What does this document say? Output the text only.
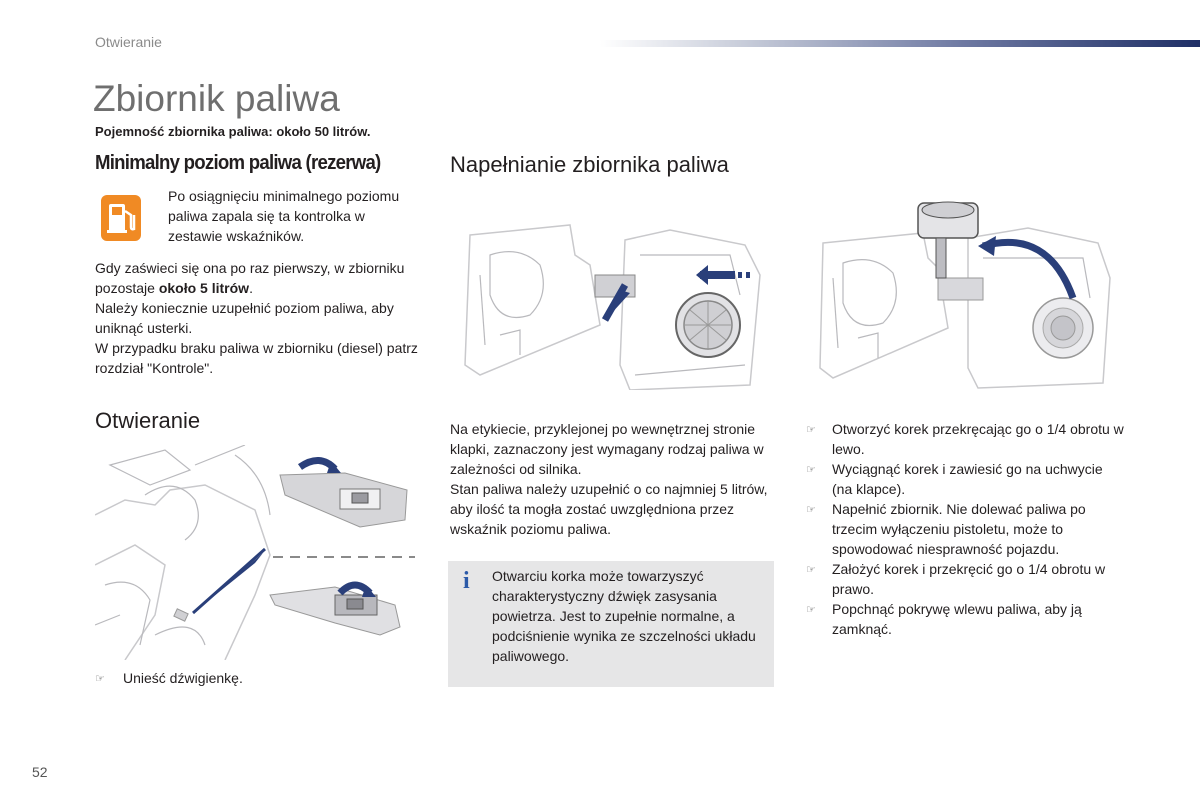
Otwieranie
Zbiornik paliwa
Pojemność zbiornika paliwa: około 50 litrów.
Minimalny poziom paliwa (rezerwa)
Po osiągnięciu minimalnego poziomu paliwa zapala się ta kontrolka w zestawie wskaźników.

Gdy zaświeci się ona po raz pierwszy, w zbiorniku pozostaje około 5 litrów.

Należy koniecznie uzupełnić poziom paliwa, aby uniknąć usterki.

W przypadku braku paliwa w zbiorniku (diesel) patrz rozdział "Kontrole".

Otwieranie
☞ Unieść dźwigienkę.
Napełnianie zbiornika paliwa
Na etykiecie, przyklejonej po wewnętrznej stronie klapki, zaznaczony jest wymagany rodzaj paliwa w zależności od silnika.
Stan paliwa należy uzupełnić o co najmniej 5 litrów, aby ilość ta mogła zostać uwzględniona przez wskaźnik poziomu paliwa.
i Otwarciu korka może towarzyszyć charakterystyczny dźwięk zasysania powietrza. Jest to zupełnie normalne, a podciśnienie wynika ze szczelności układu paliwowego.
☞ Otworzyć korek przekręcając go o 1/4 obrotu w lewo.
☞ Wyciągnąć korek i zawiesić go na uchwycie (na klapce).
☞ Napełnić zbiornik. Nie dolewać paliwa po trzecim wyłączeniu pistoletu, może to spowodować niesprawność pojazdu.
☞ Założyć korek i przekręcić go o 1/4 obrotu w prawo.
☞ Popchnąć pokrywę wlewu paliwa, aby ją zamknąć.
52
